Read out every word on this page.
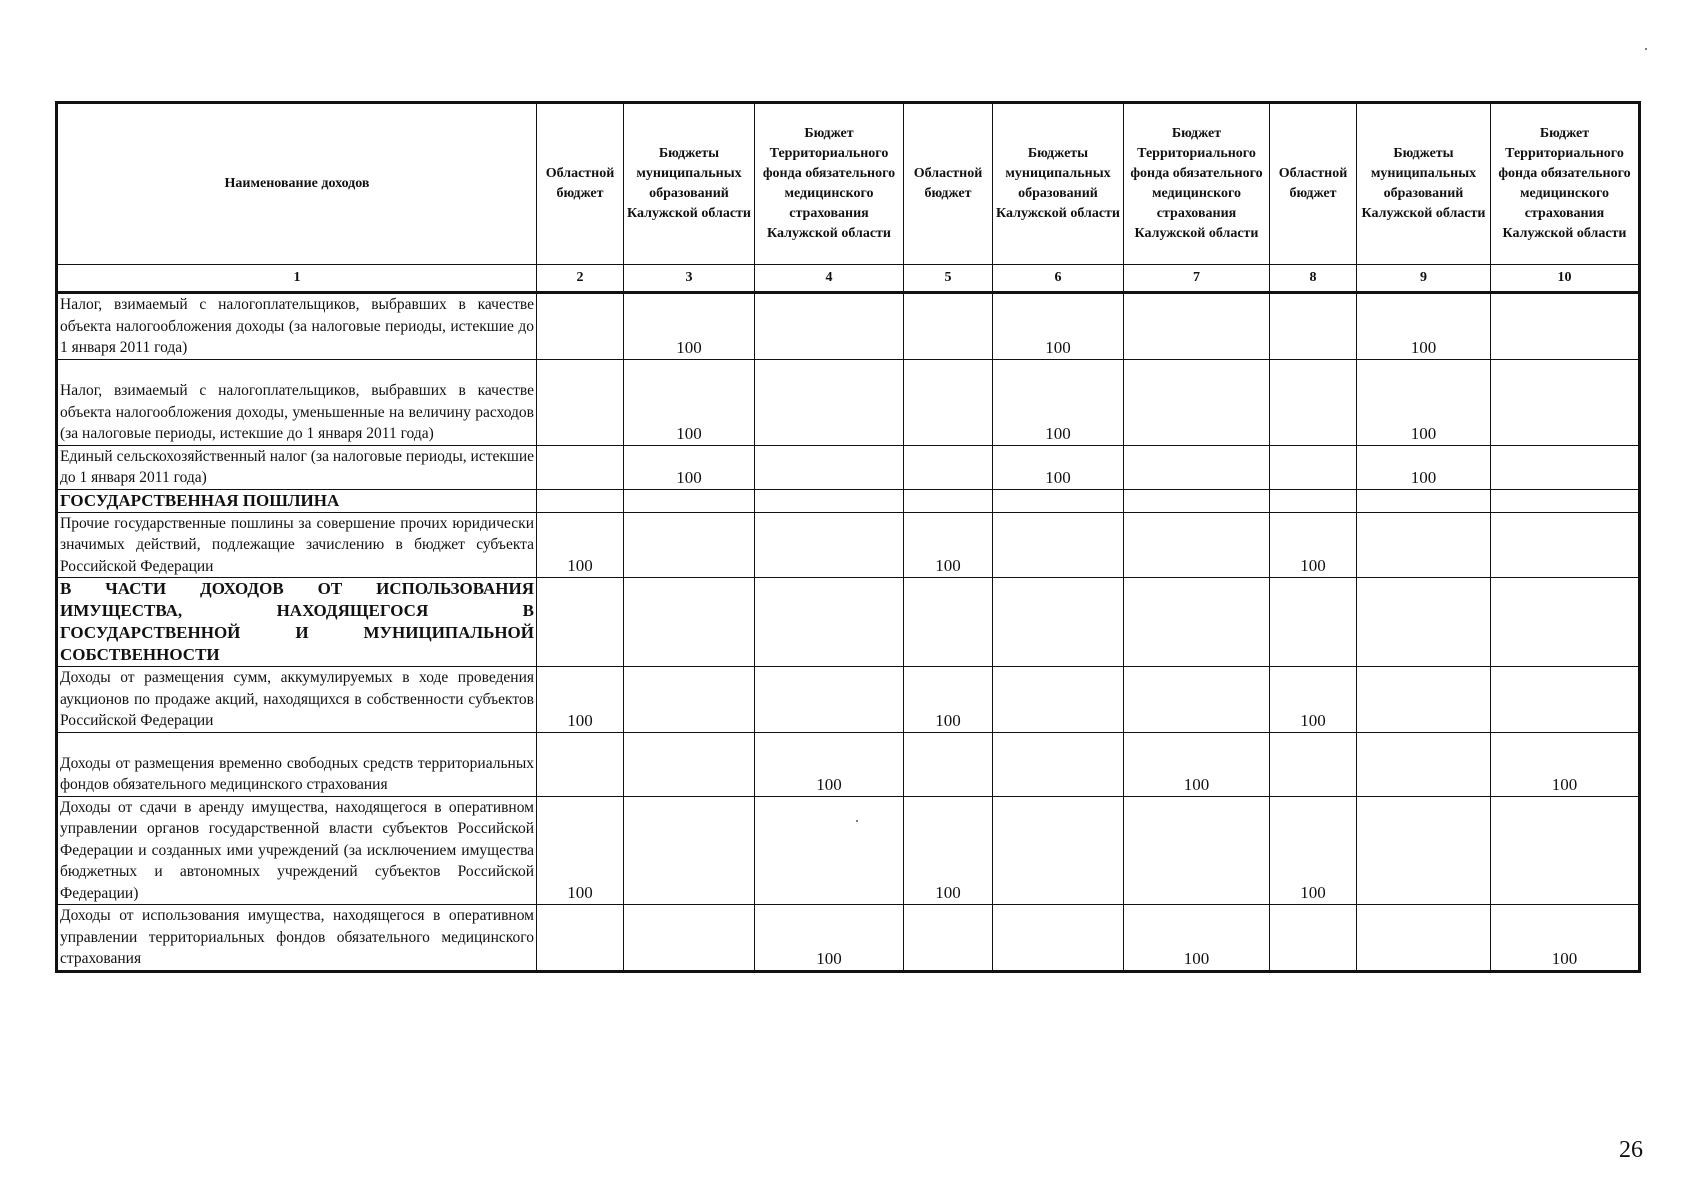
Наименование доходов	Областной бюджет	Бюджеты муниципальных образований Калужской области	Бюджет Территориального фонда обязательного медицинского страхования Калужской области	Областной бюджет	Бюджеты муниципальных образований Калужской области	Бюджет Территориального фонда обязательного медицинского страхования Калужской области	Областной бюджет	Бюджеты муниципальных образований Калужской области	Бюджет Территориального фонда обязательного медицинского страхования Калужской области
1	2	3	4	5	6	7	8	9	10
Налог, взимаемый с налогоплательщиков, выбравших в качестве объекта налогообложения доходы (за налоговые периоды, истекшие до 1 января 2011 года)		100			100			100	
Налог, взимаемый с налогоплательщиков, выбравших в качестве объекта налогообложения доходы, уменьшенные на величину расходов (за налоговые периоды, истекшие до 1 января 2011 года)		100			100			100	
Единый сельскохозяйственный налог (за налоговые периоды, истекшие до 1 января 2011 года)		100			100			100	
ГОСУДАРСТВЕННАЯ ПОШЛИНА									
Прочие государственные пошлины за совершение прочих юридически значимых действий, подлежащие зачислению в бюджет субъекта Российской Федерации	100			100			100		
В ЧАСТИ ДОХОДОВ ОТ ИСПОЛЬЗОВАНИЯ ИМУЩЕСТВА, НАХОДЯЩЕГОСЯ В ГОСУДАРСТВЕННОЙ И МУНИЦИПАЛЬНОЙ СОБСТВЕННОСТИ									
Доходы от размещения сумм, аккумулируемых в ходе проведения аукционов по продаже акций, находящихся в собственности субъектов Российской Федерации	100			100			100		
Доходы от размещения временно свободных средств территориальных фондов обязательного медицинского страхования			100			100			100
Доходы от сдачи в аренду имущества, находящегося в оперативном управлении органов государственной власти субъектов Российской Федерации и созданных ими учреждений (за исключением имущества бюджетных и автономных учреждений субъектов Российской Федерации)	100			100			100		
Доходы от использования имущества, находящегося в оперативном управлении территориальных фондов обязательного медицинского страхования			100			100			100
26
